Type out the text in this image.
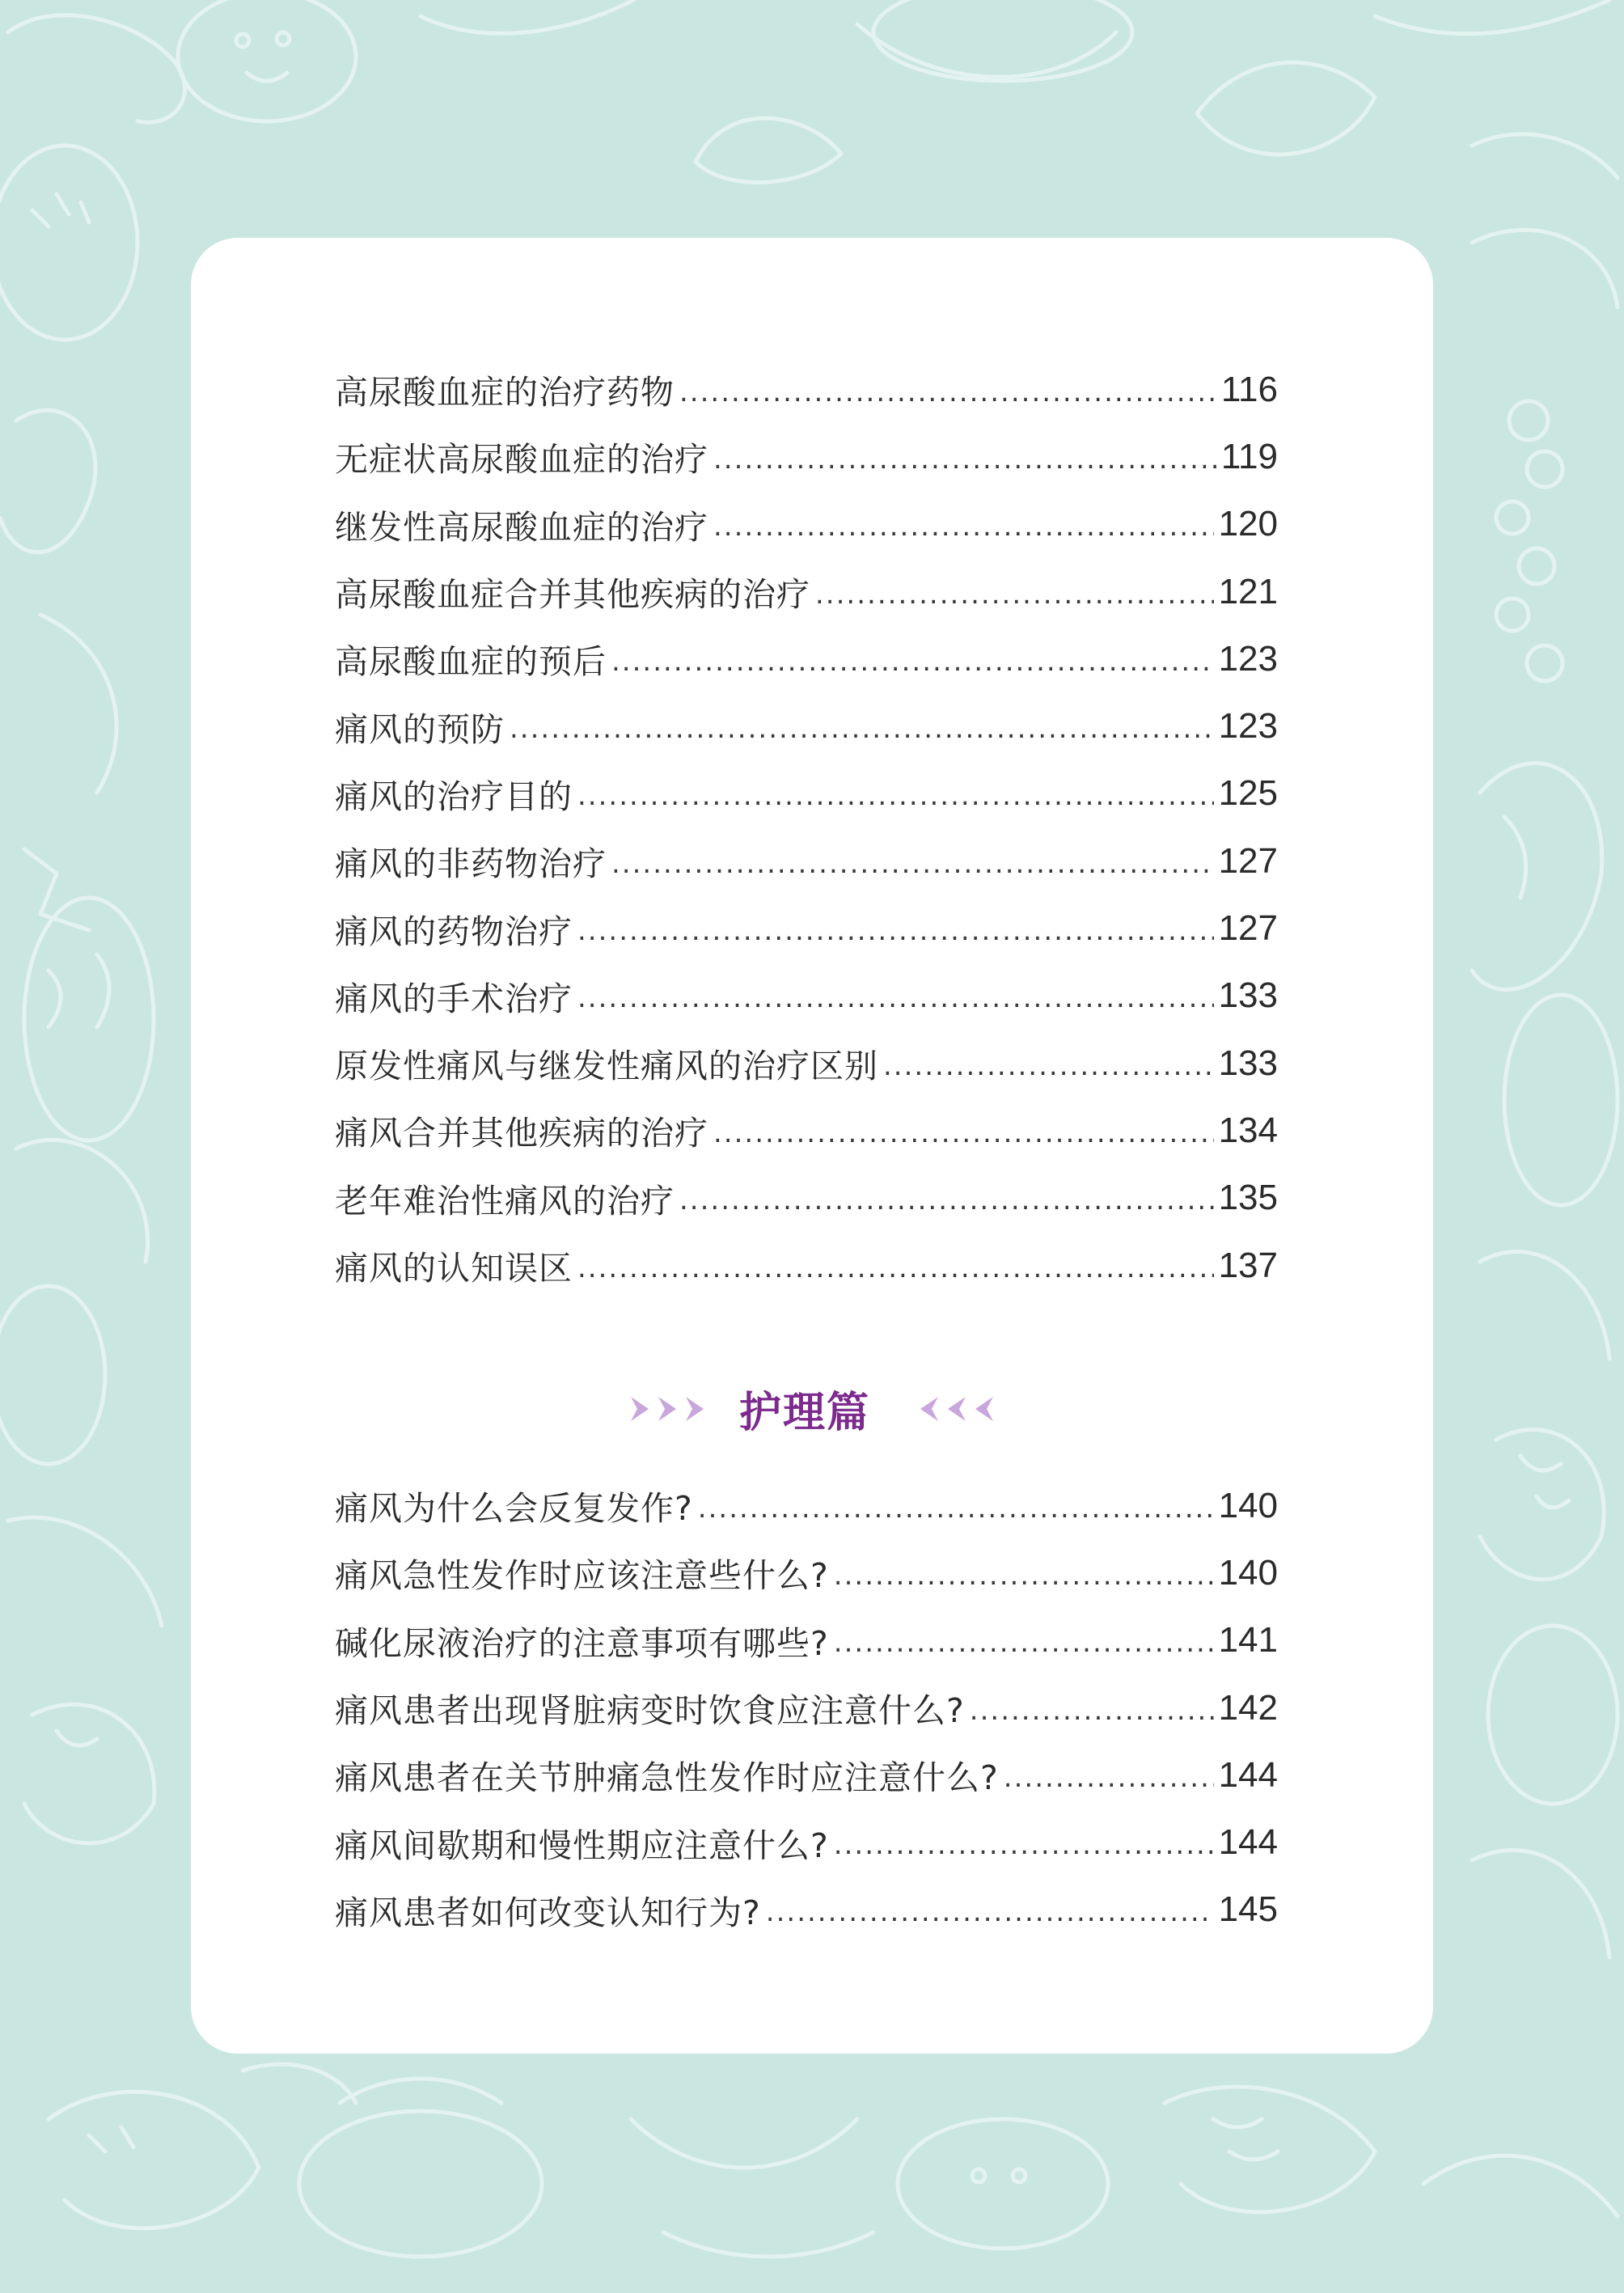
高尿酸血症的治疗药物 .....	116
无症状高尿酸血症的治疗 .....	119
继发性高尿酸血症的治疗 .....	120
高尿酸血症合并其他疾病的治疗 .....	121
高尿酸血症的预后 .....	123
痛风的预防 .....	123
痛风的治疗目的 .....	125
痛风的非药物治疗 .....	127
痛风的药物治疗 .....	127
痛风的手术治疗 .....	133
原发性痛风与继发性痛风的治疗区别 .....	133
痛风合并其他疾病的治疗 .....	134
老年难治性痛风的治疗 .....	135
痛风的认知误区 .....	137
护理篇
痛风为什么会反复发作? .....	140
痛风急性发作时应该注意些什么? .....	140
碱化尿液治疗的注意事项有哪些? .....	141
痛风患者出现肾脏病变时饮食应注意什么? .....	142
痛风患者在关节肿痛急性发作时应注意什么? .....	144
痛风间歇期和慢性期应注意什么? .....	144
痛风患者如何改变认知行为? .....	145
